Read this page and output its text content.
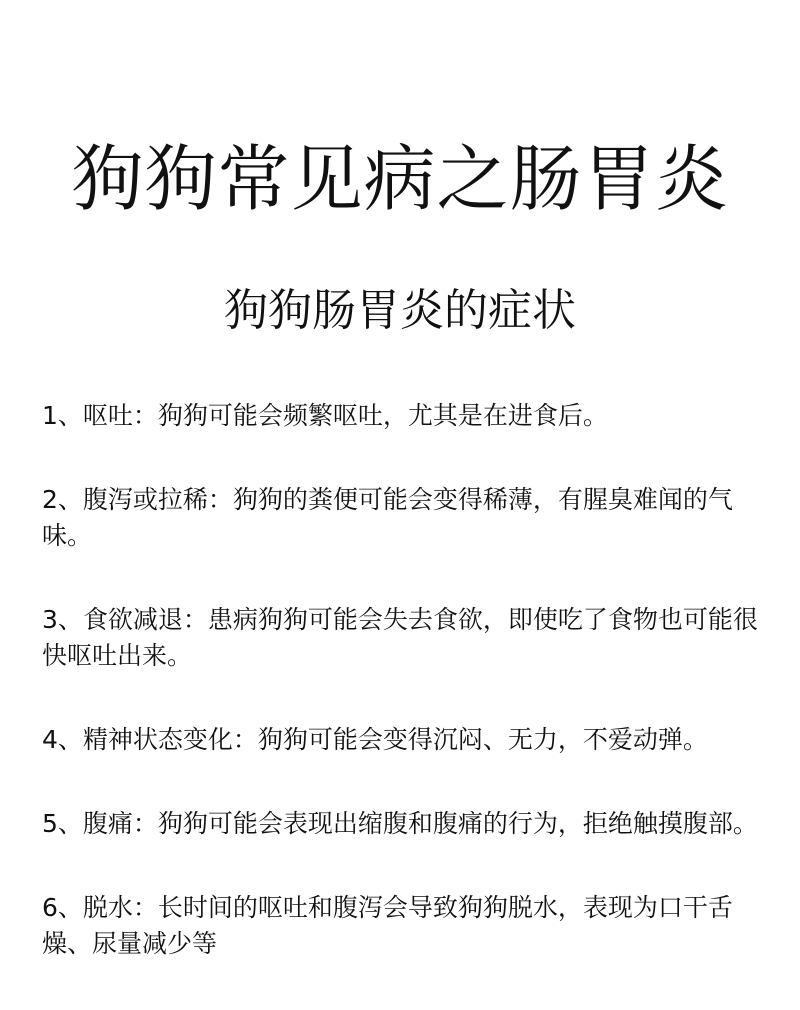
狗狗常见病之肠胃炎
狗狗肠胃炎的症状
1、呕吐：狗狗可能会频繁呕吐，尤其是在进食后。
2、腹泻或拉稀：狗狗的粪便可能会变得稀薄，有腥臭难闻的气味。
3、食欲减退：患病狗狗可能会失去食欲，即使吃了食物也可能很快呕吐出来。
4、精神状态变化：狗狗可能会变得沉闷、无力，不爱动弹。
5、腹痛：狗狗可能会表现出缩腹和腹痛的行为，拒绝触摸腹部。
6、脱水：长时间的呕吐和腹泻会导致狗狗脱水，表现为口干舌燥、尿量减少等
